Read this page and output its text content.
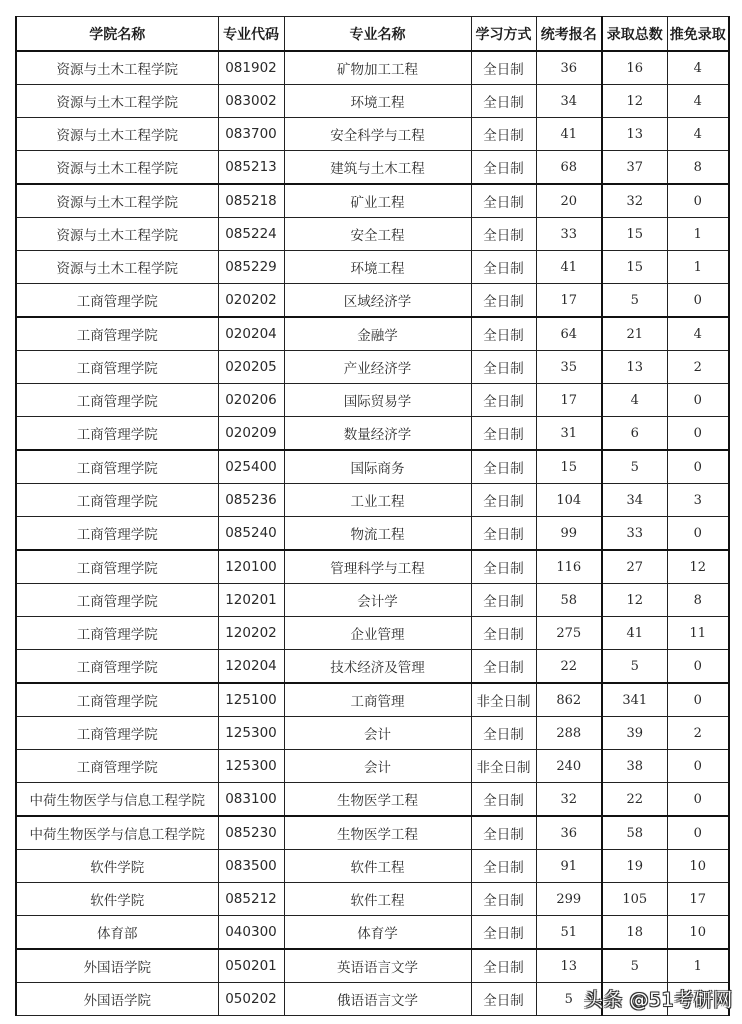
学院名称	专业代码	专业名称	学习方式	统考报名	录取总数	推免录取
资源与土木工程学院	081902	矿物加工工程	全日制	36	16	4
资源与土木工程学院	083002	环境工程	全日制	34	12	4
资源与土木工程学院	083700	安全科学与工程	全日制	41	13	4
资源与土木工程学院	085213	建筑与土木工程	全日制	68	37	8
资源与土木工程学院	085218	矿业工程	全日制	20	32	0
资源与土木工程学院	085224	安全工程	全日制	33	15	1
资源与土木工程学院	085229	环境工程	全日制	41	15	1
工商管理学院	020202	区域经济学	全日制	17	5	0
工商管理学院	020204	金融学	全日制	64	21	4
工商管理学院	020205	产业经济学	全日制	35	13	2
工商管理学院	020206	国际贸易学	全日制	17	4	0
工商管理学院	020209	数量经济学	全日制	31	6	0
工商管理学院	025400	国际商务	全日制	15	5	0
工商管理学院	085236	工业工程	全日制	104	34	3
工商管理学院	085240	物流工程	全日制	99	33	0
工商管理学院	120100	管理科学与工程	全日制	116	27	12
工商管理学院	120201	会计学	全日制	58	12	8
工商管理学院	120202	企业管理	全日制	275	41	11
工商管理学院	120204	技术经济及管理	全日制	22	5	0
工商管理学院	125100	工商管理	非全日制	862	341	0
工商管理学院	125300	会计	全日制	288	39	2
工商管理学院	125300	会计	非全日制	240	38	0
中荷生物医学与信息工程学院	083100	生物医学工程	全日制	32	22	0
中荷生物医学与信息工程学院	085230	生物医学工程	全日制	36	58	0
软件学院	083500	软件工程	全日制	91	19	10
软件学院	085212	软件工程	全日制	299	105	17
体育部	040300	体育学	全日制	51	18	10
外国语学院	050201	英语语言文学	全日制	13	5	1
外国语学院	050202	俄语语言文学	全日制	5		头条 @51考研网
